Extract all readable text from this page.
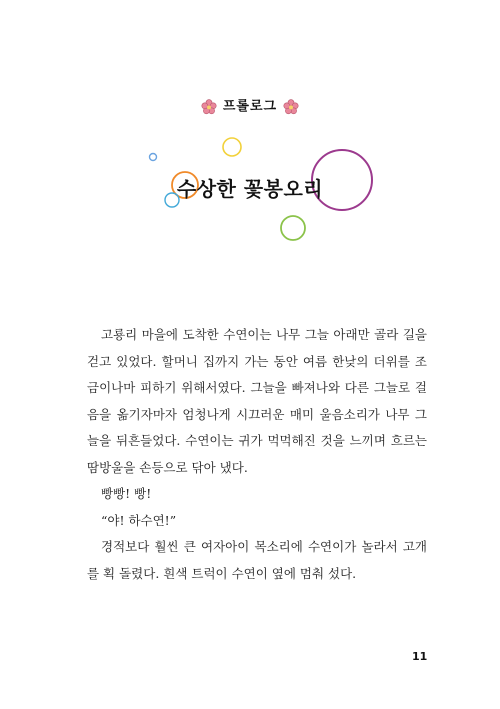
프롤로그
수상한 꽃봉오리

고룡리 마을에 도착한 수연이는 나무 그늘 아래만 골라 길을 걷고 있었다. 할머니 집까지 가는 동안 여름 한낮의 더위를 조금이나마 피하기 위해서였다. 그늘을 빠져나와 다른 그늘로 걸음을 옮기자마자 엄청나게 시끄러운 매미 울음소리가 나무 그늘을 뒤흔들었다. 수연이는 귀가 먹먹해진 것을 느끼며 흐르는 땀방울을 손등으로 닦아 냈다.

빵빵! 빵!

“야! 하수연!”

경적보다 훨씬 큰 여자아이 목소리에 수연이가 놀라서 고개를 획 돌렸다. 흰색 트럭이 수연이 옆에 멈춰 섰다.

11
